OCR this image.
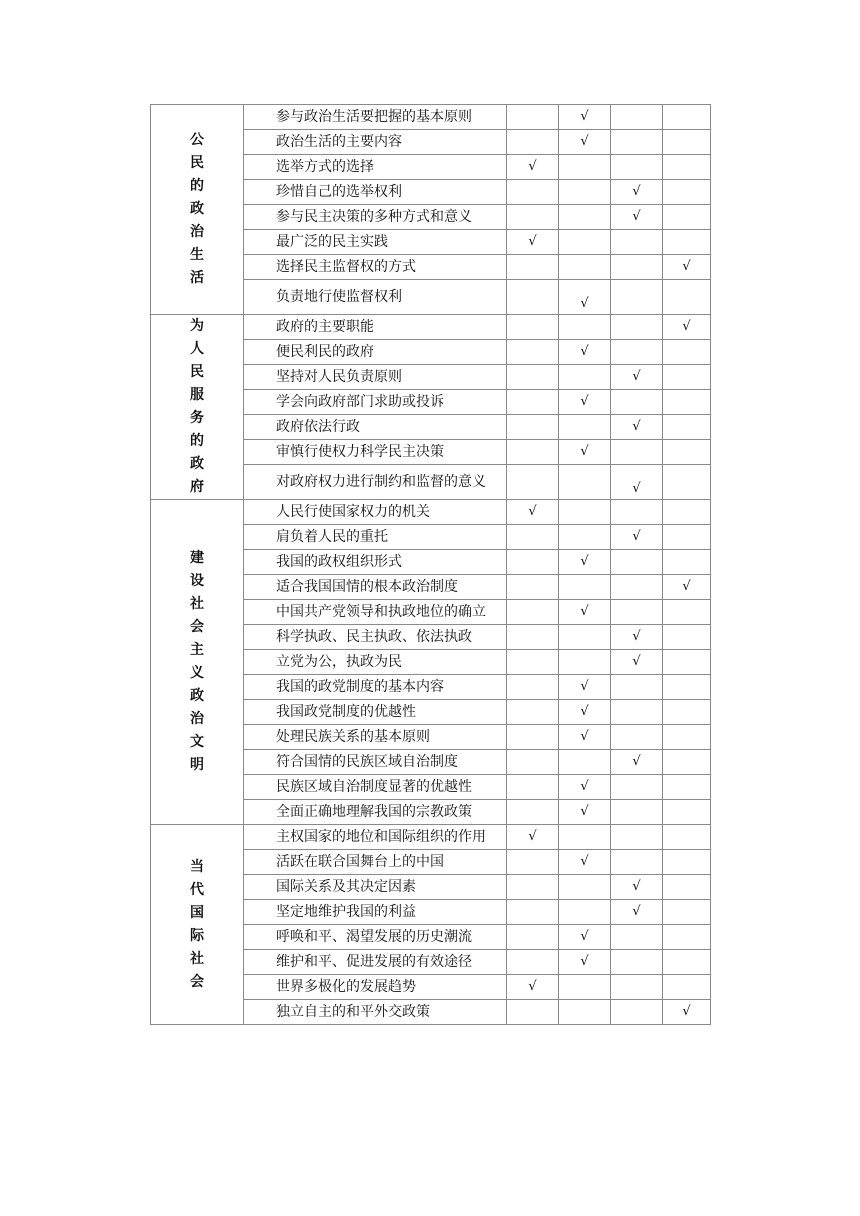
公民的政治生活	参与政治生活要把握的基本原则		√		
	政治生活的主要内容		√		
	选举方式的选择	√			
	珍惜自己的选举权利			√	
	参与民主决策的多种方式和意义			√	
	最广泛的民主实践	√			
	选择民主监督权的方式				√
	负责地行使监督权利		√		
为人民服务的政府	政府的主要职能				√
	便民利民的政府		√		
	坚持对人民负责原则			√	
	学会向政府部门求助或投诉		√		
	政府依法行政			√	
	审慎行使权力科学民主决策		√		
	对政府权力进行制约和监督的意义			√	
建设社会主义政治文明	人民行使国家权力的机关	√			
	肩负着人民的重托			√	
	我国的政权组织形式		√		
	适合我国国情的根本政治制度				√
	中国共产党领导和执政地位的确立		√		
	科学执政、民主执政、依法执政			√	
	立党为公，执政为民			√	
	我国的政党制度的基本内容		√		
	我国政党制度的优越性		√		
	处理民族关系的基本原则		√		
	符合国情的民族区域自治制度			√	
	民族区域自治制度显著的优越性		√		
	全面正确地理解我国的宗教政策		√		
当代国际社会	主权国家的地位和国际组织的作用	√			
	活跃在联合国舞台上的中国		√		
	国际关系及其决定因素			√	
	坚定地维护我国的利益			√	
	呼唤和平、渴望发展的历史潮流		√		
	维护和平、促进发展的有效途径		√		
	世界多极化的发展趋势	√			
	独立自主的和平外交政策				√
